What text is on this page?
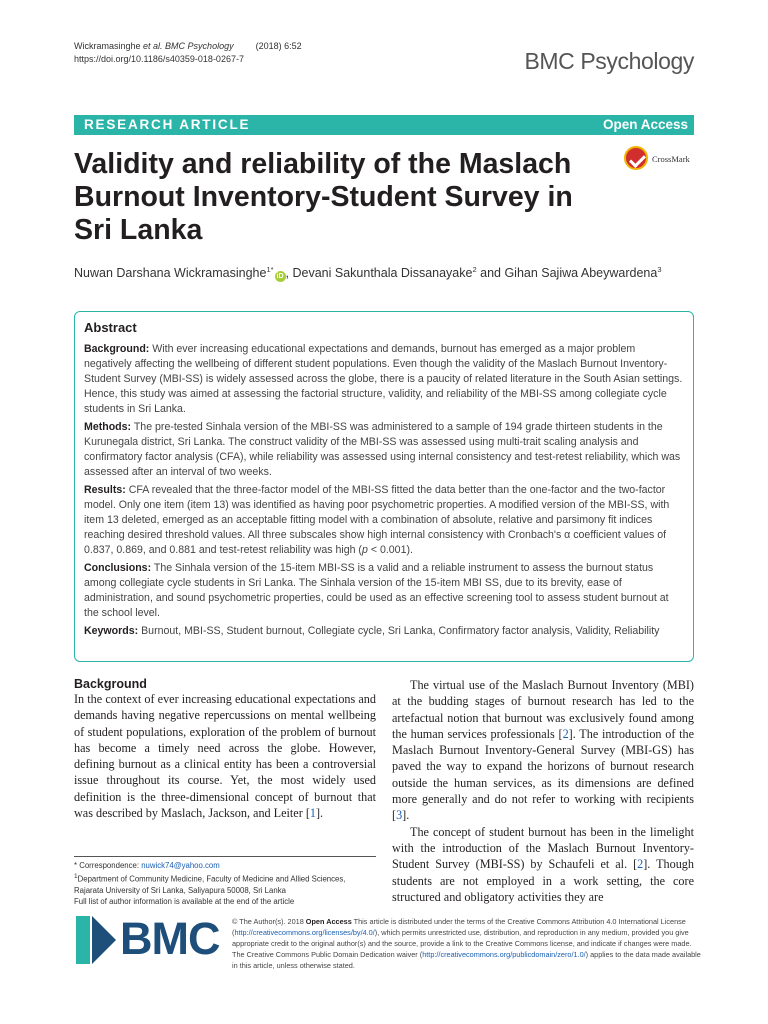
Wickramasinghe et al. BMC Psychology (2018) 6:52
https://doi.org/10.1186/s40359-018-0267-7	BMC Psychology
RESEARCH ARTICLE	Open Access
Validity and reliability of the Maslach Burnout Inventory-Student Survey in Sri Lanka
CrossMark
Nuwan Darshana Wickramasinghe$^{1*}$iD , Devani Sakunthala Dissanayake$^2$ and Gihan Sajiwa Abeywardena$^3$
Abstract

Background: With ever increasing educational expectations and demands, burnout has emerged as a major problem negatively affecting the wellbeing of different student populations. Even though the validity of the Maslach Burnout Inventory-Student Survey (MBI-SS) is widely assessed across the globe, there is a paucity of related literature in the South Asian settings. Hence, this study was aimed at assessing the factorial structure, validity, and reliability of the MBI-SS among collegiate cycle students in Sri Lanka.

Methods: The pre-tested Sinhala version of the MBI-SS was administered to a sample of 194 grade thirteen students in the Kurunegala district, Sri Lanka. The construct validity of the MBI-SS was assessed using multi-trait scaling analysis and confirmatory factor analysis (CFA), while reliability was assessed using internal consistency and test-retest reliability, which was assessed after an interval of two weeks.

Results: CFA revealed that the three-factor model of the MBI-SS fitted the data better than the one-factor and the two-factor model. Only one item (item 13) was identified as having poor psychometric properties. A modified version of the MBI-SS, with item 13 deleted, emerged as an acceptable fitting model with a combination of absolute, relative and parsimony fit indices reaching desired threshold values. All three subscales show high internal consistency with Cronbach's α coefficient values of 0.837, 0.869, and 0.881 and test-retest reliability was high (p < 0.001).

Conclusions: The Sinhala version of the 15-item MBI-SS is a valid and a reliable instrument to assess the burnout status among collegiate cycle students in Sri Lanka. The Sinhala version of the 15-item MBI SS, due to its brevity, ease of administration, and sound psychometric properties, could be used as an effective screening tool to assess student burnout at the school level.

Keywords: Burnout, MBI-SS, Student burnout, Collegiate cycle, Sri Lanka, Confirmatory factor analysis, Validity, Reliability

Background

In the context of ever increasing educational expectations and demands having negative repercussions on mental wellbeing of student populations, exploration of the problem of burnout has become a timely need across the globe. However, defining burnout as a clinical entity has been a controversial issue throughout its course. Yet, the most widely used definition is the three-dimensional concept of burnout that was described by Maslach, Jackson, and Leiter [1].

The virtual use of the Maslach Burnout Inventory (MBI) at the budding stages of burnout research has led to the artefactual notion that burnout was exclusively found among the human services professionals [2]. The introduction of the Maslach Burnout Inventory-General Survey (MBI-GS) has paved the way to expand the horizons of burnout research outside the human services, as its dimensions are defined more generally and do not refer to working with recipients [3].

The concept of student burnout has been in the limelight with the introduction of the Maslach Burnout Inventory-Student Survey (MBI-SS) by Schaufeli et al. [2]. Though students are not employed in a work setting, the core structured and obligatory activities they are

* Correspondence: nuwick74@yahoo.com
$^1$Department of Community Medicine, Faculty of Medicine and Allied Sciences, Rajarata University of Sri Lanka, Saliyapura 50008, Sri Lanka
Full list of author information is available at the end of the article
BMC © The Author(s). 2018 Open Access This article is distributed under the terms of the Creative Commons Attribution 4.0 International License (http://creativecommons.org/licenses/by/4.0/), which permits unrestricted use, distribution, and reproduction in any medium, provided you give appropriate credit to the original author(s) and the source, provide a link to the Creative Commons license, and indicate if changes were made. The Creative Commons Public Domain Dedication waiver (http://creativecommons.org/publicdomain/zero/1.0/) applies to the data made available in this article, unless otherwise stated.
